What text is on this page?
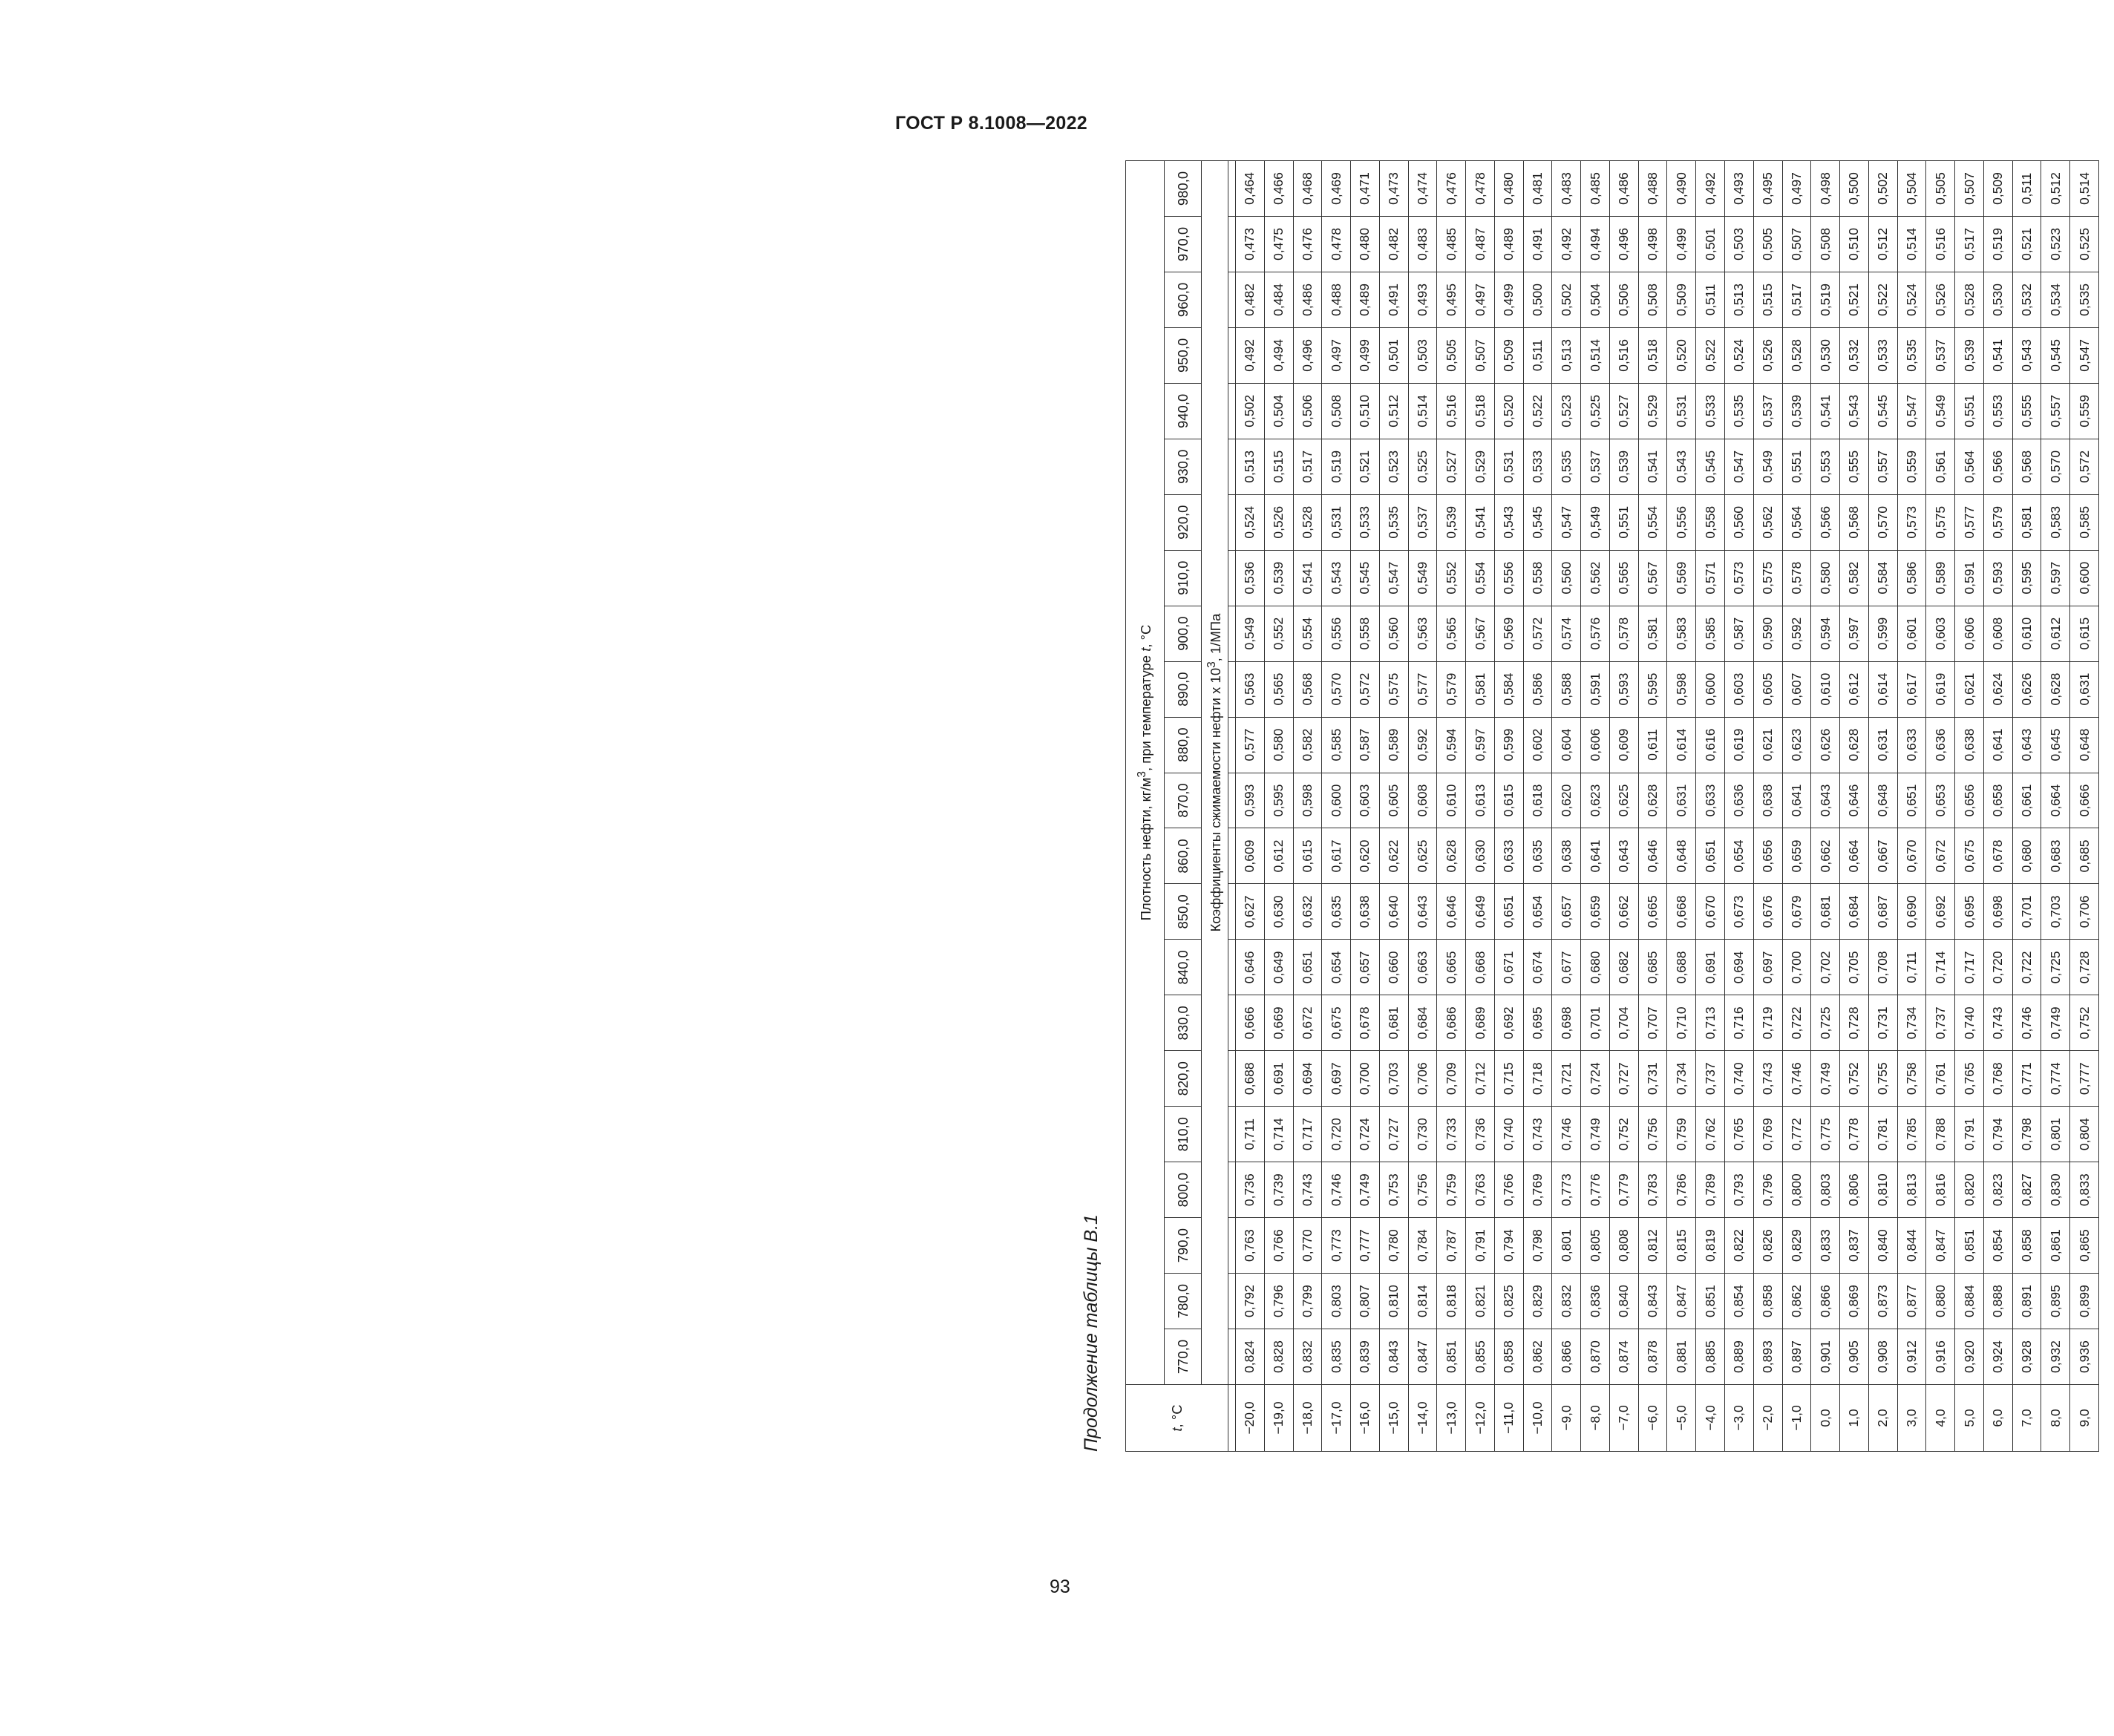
ГОСТ Р 8.1008—2022
Продолжение таблицы В.1	t, °С	Плотность нефти, $кг/м^3$, при температуре t, °С																					
	770,0	780,0	790,0	800,0	810,0	820,0	830,0	840,0	850,0	860,0	870,0	880,0	890,0	900,0	910,0	920,0	930,0	940,0	950,0	960,0	970,0	980,0
	Коэффициенты сжимаемости нефти x $10^3$, 1/МПа																					

−20,0	0,824	0,792	0,763	0,736	0,711	0,688	0,666	0,646	0,627	0,609	0,593	0,577	0,563	0,549	0,536	0,524	0,513	0,502	0,492	0,482	0,473	0,464
−19,0	0,828	0,796	0,766	0,739	0,714	0,691	0,669	0,649	0,630	0,612	0,595	0,580	0,565	0,552	0,539	0,526	0,515	0,504	0,494	0,484	0,475	0,466
−18,0	0,832	0,799	0,770	0,743	0,717	0,694	0,672	0,651	0,632	0,615	0,598	0,582	0,568	0,554	0,541	0,528	0,517	0,506	0,496	0,486	0,476	0,468
−17,0	0,835	0,803	0,773	0,746	0,720	0,697	0,675	0,654	0,635	0,617	0,600	0,585	0,570	0,556	0,543	0,531	0,519	0,508	0,497	0,488	0,478	0,469
−16,0	0,839	0,807	0,777	0,749	0,724	0,700	0,678	0,657	0,638	0,620	0,603	0,587	0,572	0,558	0,545	0,533	0,521	0,510	0,499	0,489	0,480	0,471
−15,0	0,843	0,810	0,780	0,753	0,727	0,703	0,681	0,660	0,640	0,622	0,605	0,589	0,575	0,560	0,547	0,535	0,523	0,512	0,501	0,491	0,482	0,473
−14,0	0,847	0,814	0,784	0,756	0,730	0,706	0,684	0,663	0,643	0,625	0,608	0,592	0,577	0,563	0,549	0,537	0,525	0,514	0,503	0,493	0,483	0,474
−13,0	0,851	0,818	0,787	0,759	0,733	0,709	0,686	0,665	0,646	0,628	0,610	0,594	0,579	0,565	0,552	0,539	0,527	0,516	0,505	0,495	0,485	0,476
−12,0	0,855	0,821	0,791	0,763	0,736	0,712	0,689	0,668	0,649	0,630	0,613	0,597	0,581	0,567	0,554	0,541	0,529	0,518	0,507	0,497	0,487	0,478
−11,0	0,858	0,825	0,794	0,766	0,740	0,715	0,692	0,671	0,651	0,633	0,615	0,599	0,584	0,569	0,556	0,543	0,531	0,520	0,509	0,499	0,489	0,480
−10,0	0,862	0,829	0,798	0,769	0,743	0,718	0,695	0,674	0,654	0,635	0,618	0,602	0,586	0,572	0,558	0,545	0,533	0,522	0,511	0,500	0,491	0,481
−9,0	0,866	0,832	0,801	0,773	0,746	0,721	0,698	0,677	0,657	0,638	0,620	0,604	0,588	0,574	0,560	0,547	0,535	0,523	0,513	0,502	0,492	0,483
−8,0	0,870	0,836	0,805	0,776	0,749	0,724	0,701	0,680	0,659	0,641	0,623	0,606	0,591	0,576	0,562	0,549	0,537	0,525	0,514	0,504	0,494	0,485
−7,0	0,874	0,840	0,808	0,779	0,752	0,727	0,704	0,682	0,662	0,643	0,625	0,609	0,593	0,578	0,565	0,551	0,539	0,527	0,516	0,506	0,496	0,486
−6,0	0,878	0,843	0,812	0,783	0,756	0,731	0,707	0,685	0,665	0,646	0,628	0,611	0,595	0,581	0,567	0,554	0,541	0,529	0,518	0,508	0,498	0,488
−5,0	0,881	0,847	0,815	0,786	0,759	0,734	0,710	0,688	0,668	0,648	0,631	0,614	0,598	0,583	0,569	0,556	0,543	0,531	0,520	0,509	0,499	0,490
−4,0	0,885	0,851	0,819	0,789	0,762	0,737	0,713	0,691	0,670	0,651	0,633	0,616	0,600	0,585	0,571	0,558	0,545	0,533	0,522	0,511	0,501	0,492
−3,0	0,889	0,854	0,822	0,793	0,765	0,740	0,716	0,694	0,673	0,654	0,636	0,619	0,603	0,587	0,573	0,560	0,547	0,535	0,524	0,513	0,503	0,493
−2,0	0,893	0,858	0,826	0,796	0,769	0,743	0,719	0,697	0,676	0,656	0,638	0,621	0,605	0,590	0,575	0,562	0,549	0,537	0,526	0,515	0,505	0,495
−1,0	0,897	0,862	0,829	0,800	0,772	0,746	0,722	0,700	0,679	0,659	0,641	0,623	0,607	0,592	0,578	0,564	0,551	0,539	0,528	0,517	0,507	0,497
0,0	0,901	0,866	0,833	0,803	0,775	0,749	0,725	0,702	0,681	0,662	0,643	0,626	0,610	0,594	0,580	0,566	0,553	0,541	0,530	0,519	0,508	0,498
1,0	0,905	0,869	0,837	0,806	0,778	0,752	0,728	0,705	0,684	0,664	0,646	0,628	0,612	0,597	0,582	0,568	0,555	0,543	0,532	0,521	0,510	0,500
2,0	0,908	0,873	0,840	0,810	0,781	0,755	0,731	0,708	0,687	0,667	0,648	0,631	0,614	0,599	0,584	0,570	0,557	0,545	0,533	0,522	0,512	0,502
3,0	0,912	0,877	0,844	0,813	0,785	0,758	0,734	0,711	0,690	0,670	0,651	0,633	0,617	0,601	0,586	0,573	0,559	0,547	0,535	0,524	0,514	0,504
4,0	0,916	0,880	0,847	0,816	0,788	0,761	0,737	0,714	0,692	0,672	0,653	0,636	0,619	0,603	0,589	0,575	0,561	0,549	0,537	0,526	0,516	0,505
5,0	0,920	0,884	0,851	0,820	0,791	0,765	0,740	0,717	0,695	0,675	0,656	0,638	0,621	0,606	0,591	0,577	0,564	0,551	0,539	0,528	0,517	0,507
6,0	0,924	0,888	0,854	0,823	0,794	0,768	0,743	0,720	0,698	0,678	0,658	0,641	0,624	0,608	0,593	0,579	0,566	0,553	0,541	0,530	0,519	0,509
7,0	0,928	0,891	0,858	0,827	0,798	0,771	0,746	0,722	0,701	0,680	0,661	0,643	0,626	0,610	0,595	0,581	0,568	0,555	0,543	0,532	0,521	0,511
8,0	0,932	0,895	0,861	0,830	0,801	0,774	0,749	0,725	0,703	0,683	0,664	0,645	0,628	0,612	0,597	0,583	0,570	0,557	0,545	0,534	0,523	0,512
9,0	0,936	0,899	0,865	0,833	0,804	0,777	0,752	0,728	0,706	0,685	0,666	0,648	0,631	0,615	0,600	0,585	0,572	0,559	0,547	0,535	0,525	0,514
93
